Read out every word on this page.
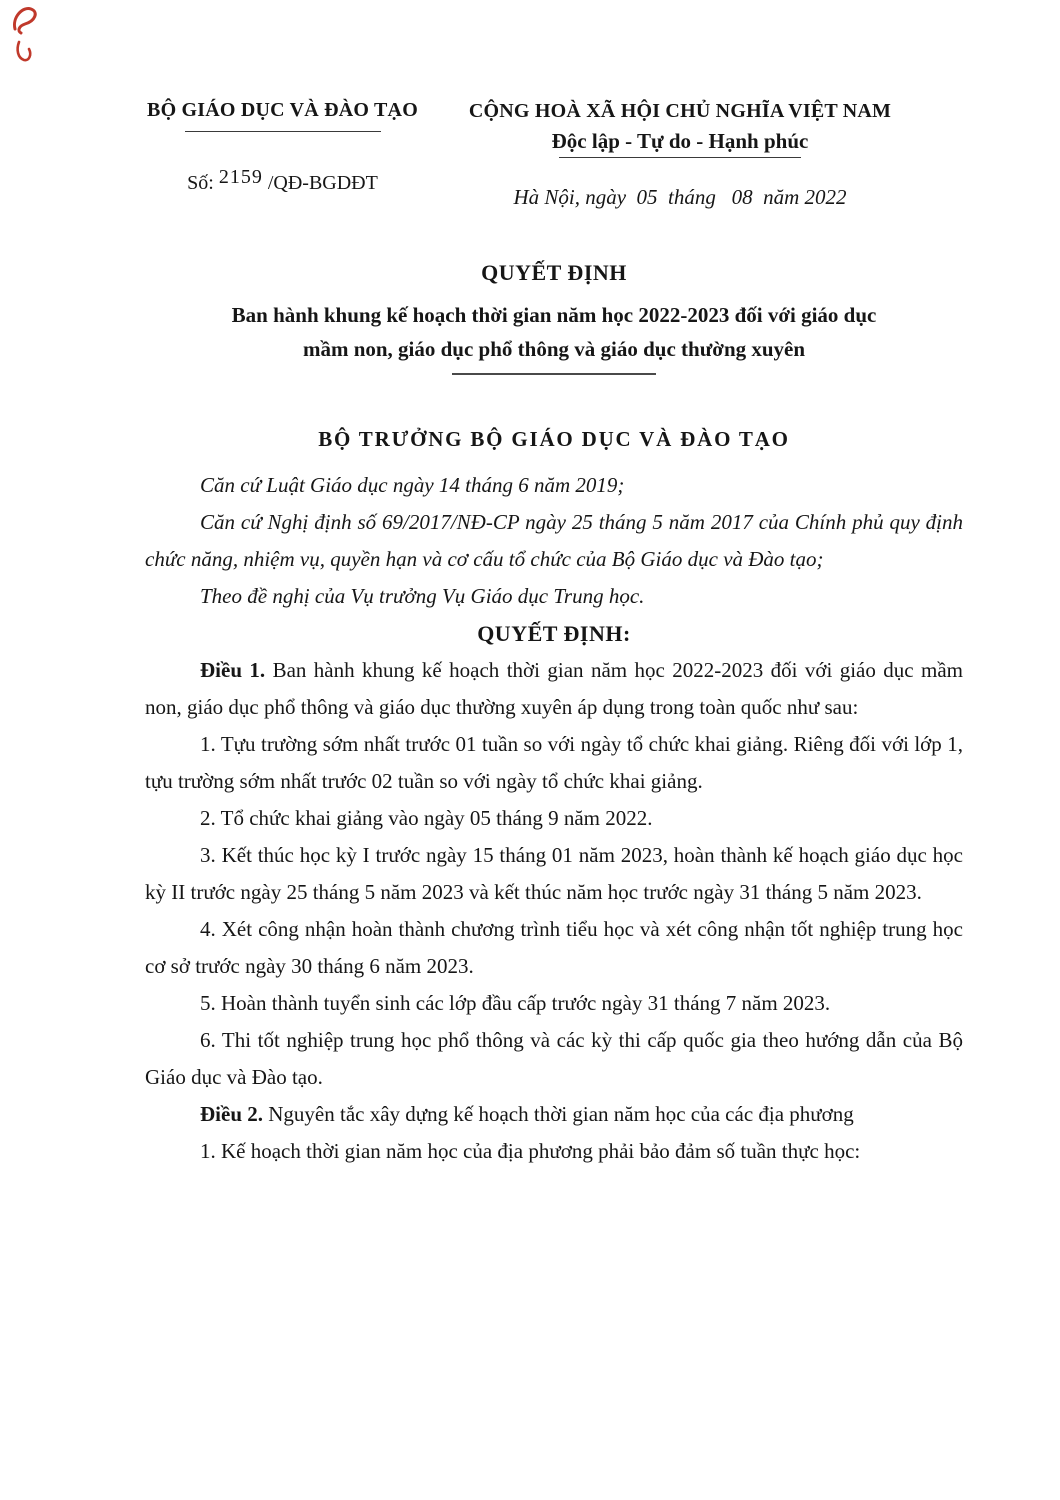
BỘ GIÁO DỤC VÀ ĐÀO TẠO
Số: 2159 /QĐ-BGDĐT
CỘNG HOÀ XÃ HỘI CHỦ NGHĨA VIỆT NAM
Độc lập - Tự do - Hạnh phúc
Hà Nội, ngày  05  tháng   08  năm 2022

QUYẾT ĐỊNH

Ban hành khung kế hoạch thời gian năm học 2022-2023 đối với giáo dục
mầm non, giáo dục phổ thông và giáo dục thường xuyên

BỘ TRƯỞNG BỘ GIÁO DỤC VÀ ĐÀO TẠO

Căn cứ Luật Giáo dục ngày 14 tháng 6 năm 2019;

Căn cứ Nghị định số 69/2017/NĐ-CP ngày 25 tháng 5 năm 2017 của Chính phủ quy định chức năng, nhiệm vụ, quyền hạn và cơ cấu tổ chức của Bộ Giáo dục và Đào tạo;

Theo đề nghị của Vụ trưởng Vụ Giáo dục Trung học.

QUYẾT ĐỊNH:

Điều 1. Ban hành khung kế hoạch thời gian năm học 2022-2023 đối với giáo dục mầm non, giáo dục phổ thông và giáo dục thường xuyên áp dụng trong toàn quốc như sau:

1. Tựu trường sớm nhất trước 01 tuần so với ngày tổ chức khai giảng. Riêng đối với lớp 1, tựu trường sớm nhất trước 02 tuần so với ngày tổ chức khai giảng.

2. Tổ chức khai giảng vào ngày 05 tháng 9 năm 2022.

3. Kết thúc học kỳ I trước ngày 15 tháng 01 năm 2023, hoàn thành kế hoạch giáo dục học kỳ II trước ngày 25 tháng 5 năm 2023 và kết thúc năm học trước ngày 31 tháng 5 năm 2023.

4. Xét công nhận hoàn thành chương trình tiểu học và xét công nhận tốt nghiệp trung học cơ sở trước ngày 30 tháng 6 năm 2023.

5. Hoàn thành tuyển sinh các lớp đầu cấp trước ngày 31 tháng 7 năm 2023.

6. Thi tốt nghiệp trung học phổ thông và các kỳ thi cấp quốc gia theo hướng dẫn của Bộ Giáo dục và Đào tạo.

Điều 2. Nguyên tắc xây dựng kế hoạch thời gian năm học của các địa phương

1. Kế hoạch thời gian năm học của địa phương phải bảo đảm số tuần thực học:
